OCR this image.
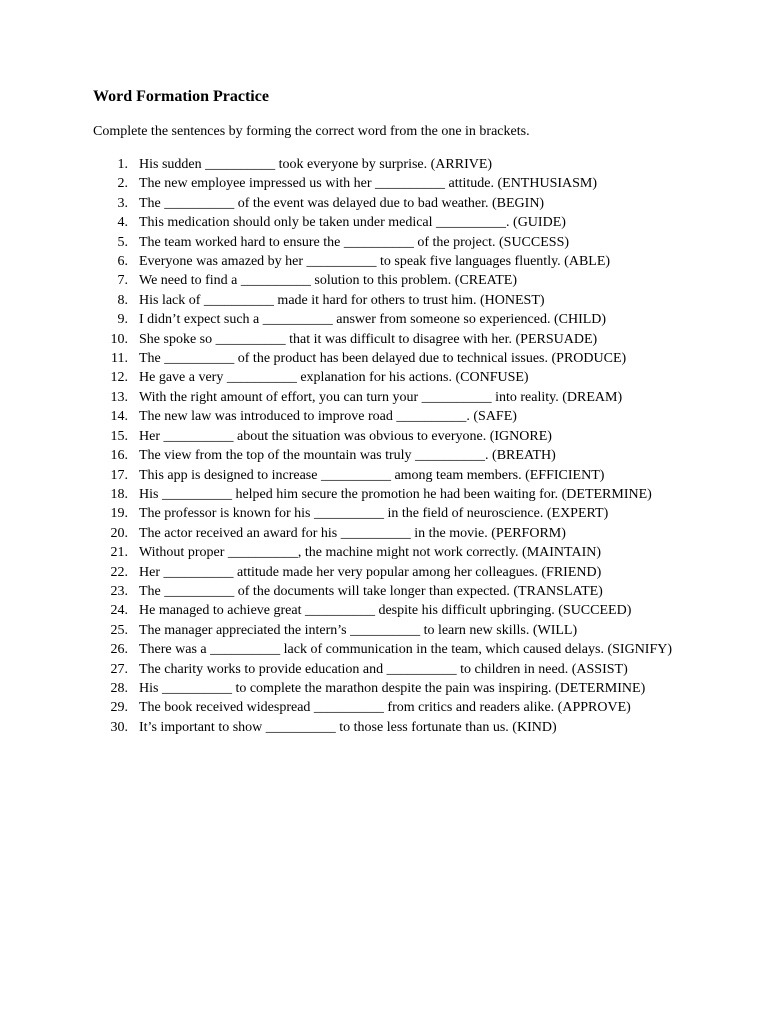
Word Formation Practice

Complete the sentences by forming the correct word from the one in brackets.

1. His sudden __________ took everyone by surprise. (ARRIVE)
2. The new employee impressed us with her __________ attitude. (ENTHUSIASM)
3. The __________ of the event was delayed due to bad weather. (BEGIN)
4. This medication should only be taken under medical __________. (GUIDE)
5. The team worked hard to ensure the __________ of the project. (SUCCESS)
6. Everyone was amazed by her __________ to speak five languages fluently. (ABLE)
7. We need to find a __________ solution to this problem. (CREATE)
8. His lack of __________ made it hard for others to trust him. (HONEST)
9. I didn’t expect such a __________ answer from someone so experienced. (CHILD)
10. She spoke so __________ that it was difficult to disagree with her. (PERSUADE)
11. The __________ of the product has been delayed due to technical issues. (PRODUCE)
12. He gave a very __________ explanation for his actions. (CONFUSE)
13. With the right amount of effort, you can turn your __________ into reality. (DREAM)
14. The new law was introduced to improve road __________. (SAFE)
15. Her __________ about the situation was obvious to everyone. (IGNORE)
16. The view from the top of the mountain was truly __________. (BREATH)
17. This app is designed to increase __________ among team members. (EFFICIENT)
18. His __________ helped him secure the promotion he had been waiting for. (DETERMINE)
19. The professor is known for his __________ in the field of neuroscience. (EXPERT)
20. The actor received an award for his __________ in the movie. (PERFORM)
21. Without proper __________, the machine might not work correctly. (MAINTAIN)
22. Her __________ attitude made her very popular among her colleagues. (FRIEND)
23. The __________ of the documents will take longer than expected. (TRANSLATE)
24. He managed to achieve great __________ despite his difficult upbringing. (SUCCEED)
25. The manager appreciated the intern’s __________ to learn new skills. (WILL)
26. There was a __________ lack of communication in the team, which caused delays. (SIGNIFY)
27. The charity works to provide education and __________ to children in need. (ASSIST)
28. His __________ to complete the marathon despite the pain was inspiring. (DETERMINE)
29. The book received widespread __________ from critics and readers alike. (APPROVE)
30. It’s important to show __________ to those less fortunate than us. (KIND)
